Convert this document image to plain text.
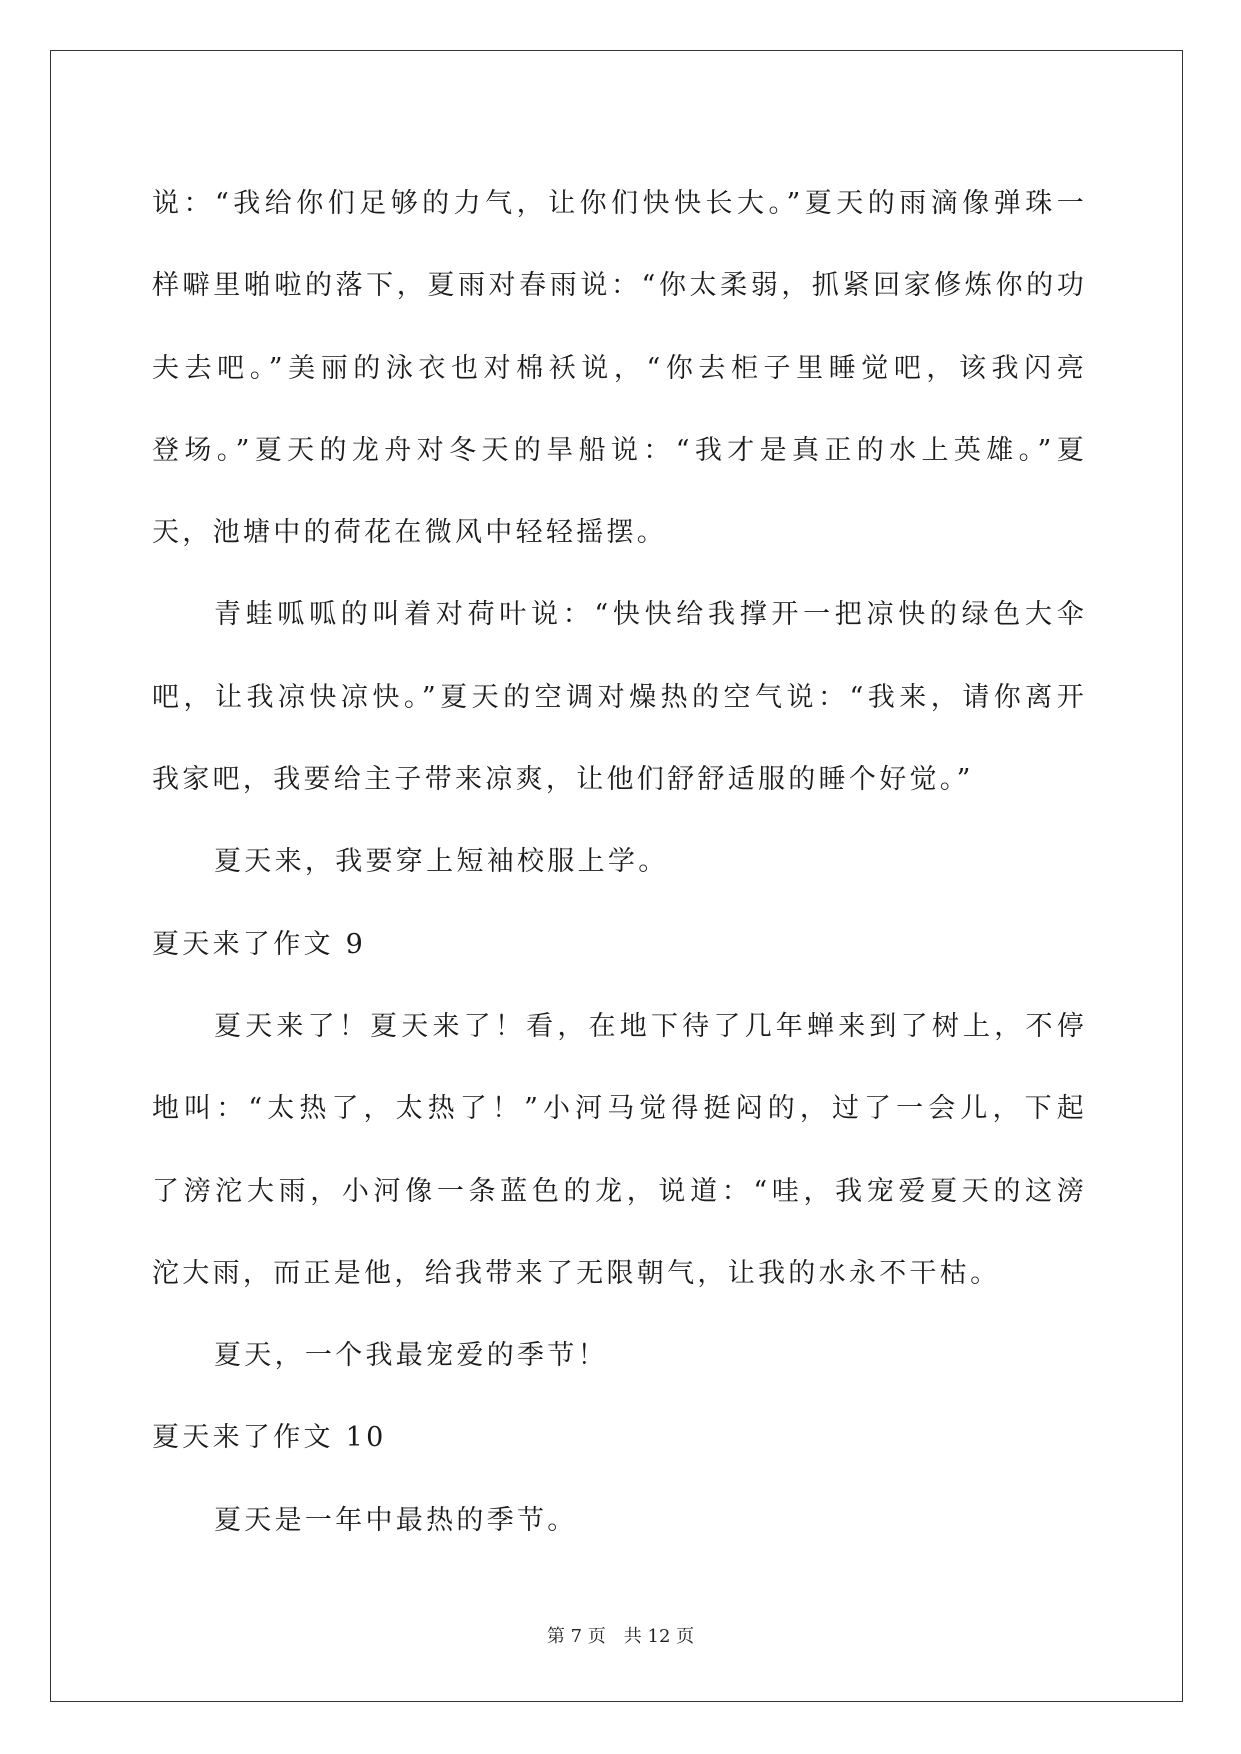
说：“我给你们足够的力气，让你们快快长大。”夏天的雨滴像弹珠一
样噼里啪啦的落下，夏雨对春雨说：“你太柔弱，抓紧回家修炼你的功
夫去吧。”美丽的泳衣也对棉袄说，“你去柜子里睡觉吧，该我闪亮
登场。”夏天的龙舟对冬天的旱船说：“我才是真正的水上英雄。”夏
天，池塘中的荷花在微风中轻轻摇摆。
青蛙呱呱的叫着对荷叶说：“快快给我撑开一把凉快的绿色大伞
吧，让我凉快凉快。”夏天的空调对燥热的空气说：“我来，请你离开
我家吧，我要给主子带来凉爽，让他们舒舒适服的睡个好觉。”
夏天来，我要穿上短袖校服上学。
夏天来了作文 9
夏天来了！夏天来了！看，在地下待了几年蝉来到了树上，不停
地叫：“太热了，太热了！”小河马觉得挺闷的，过了一会儿，下起
了滂沱大雨，小河像一条蓝色的龙，说道：“哇，我宠爱夏天的这滂
沱大雨，而正是他，给我带来了无限朝气，让我的水永不干枯。
夏天，一个我最宠爱的季节！
夏天来了作文 10
夏天是一年中最热的季节。
第 7 页　共 12 页
